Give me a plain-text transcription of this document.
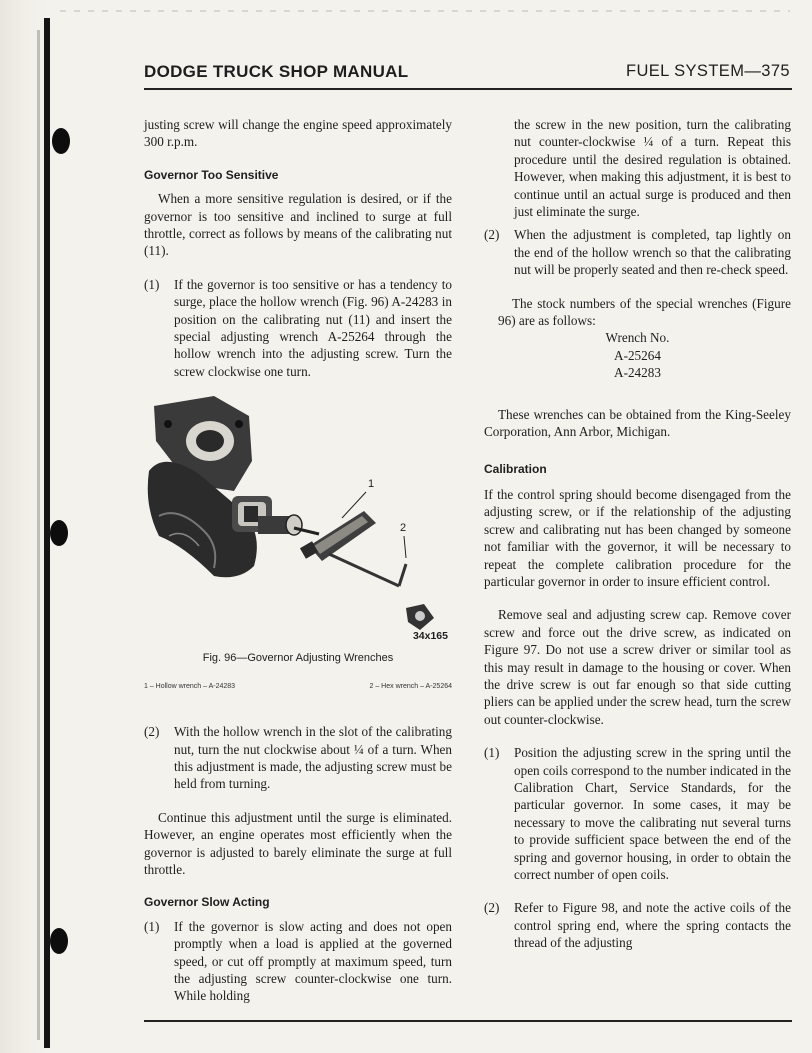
DODGE TRUCK SHOP MANUAL	FUEL SYSTEM—375

justing screw will change the engine speed approximately 300 r.p.m.

Governor Too Sensitive

When a more sensitive regulation is desired, or if the governor is too sensitive and inclined to surge at full throttle, correct as follows by means of the calibrating nut (11).

(1)	If the governor is too sensitive or has a tendency to surge, place the hollow wrench (Fig. 96) A-24283 in position on the calibrating nut (11) and insert the special adjusting wrench A-25264 through the hollow wrench into the adjusting screw. Turn the screw clockwise one turn.
1
2
34x165
Fig. 96—Governor Adjusting Wrenches
1 – Hollow wrench – A-24283	2 – Hex wrench – A-25264
(2)	With the hollow wrench in the slot of the calibrating nut, turn the nut clockwise about ¼ of a turn. When this adjustment is made, the adjusting screw must be held from turning.

Continue this adjustment until the surge is eliminated. However, an engine operates most efficiently when the governor is adjusted to barely eliminate the surge at full throttle.

Governor Slow Acting
(1)	If the governor is slow acting and does not open promptly when a load is applied at the governed speed, or cut off promptly at maximum speed, turn the adjusting screw counter-clockwise one turn. While holding
the screw in the new position, turn the calibrating nut counter-clockwise ¼ of a turn. Repeat this procedure until the desired regulation is obtained. However, when making this adjustment, it is best to continue until an actual surge is produced and then just eliminate the surge.
(2)	When the adjustment is completed, tap lightly on the end of the hollow wrench so that the calibrating nut will be properly seated and then re-check speed.

The stock numbers of the special wrenches (Figure 96) are as follows:

Wrench No.
A-25264
A-24283

These wrenches can be obtained from the King-Seeley Corporation, Ann Arbor, Michigan.

Calibration

If the control spring should become disengaged from the adjusting screw, or if the relationship of the adjusting screw and calibrating nut has been changed by someone not familiar with the governor, it will be necessary to repeat the complete calibration procedure for the particular governor in order to insure efficient control.

Remove seal and adjusting screw cap. Remove cover screw and force out the drive screw, as indicated on Figure 97. Do not use a screw driver or similar tool as this may result in damage to the housing or cover. When the drive screw is out far enough so that side cutting pliers can be applied under the screw head, turn the screw out counter-clockwise.

(1)	Position the adjusting screw in the spring until the open coils correspond to the number indicated in the Calibration Chart, Service Standards, for the particular governor. In some cases, it may be necessary to move the calibrating nut several turns to provide sufficient space between the end of the spring and governor housing, in order to obtain the correct number of open coils.
(2)	Refer to Figure 98, and note the active coils of the control spring end, where the spring contacts the thread of the adjusting
